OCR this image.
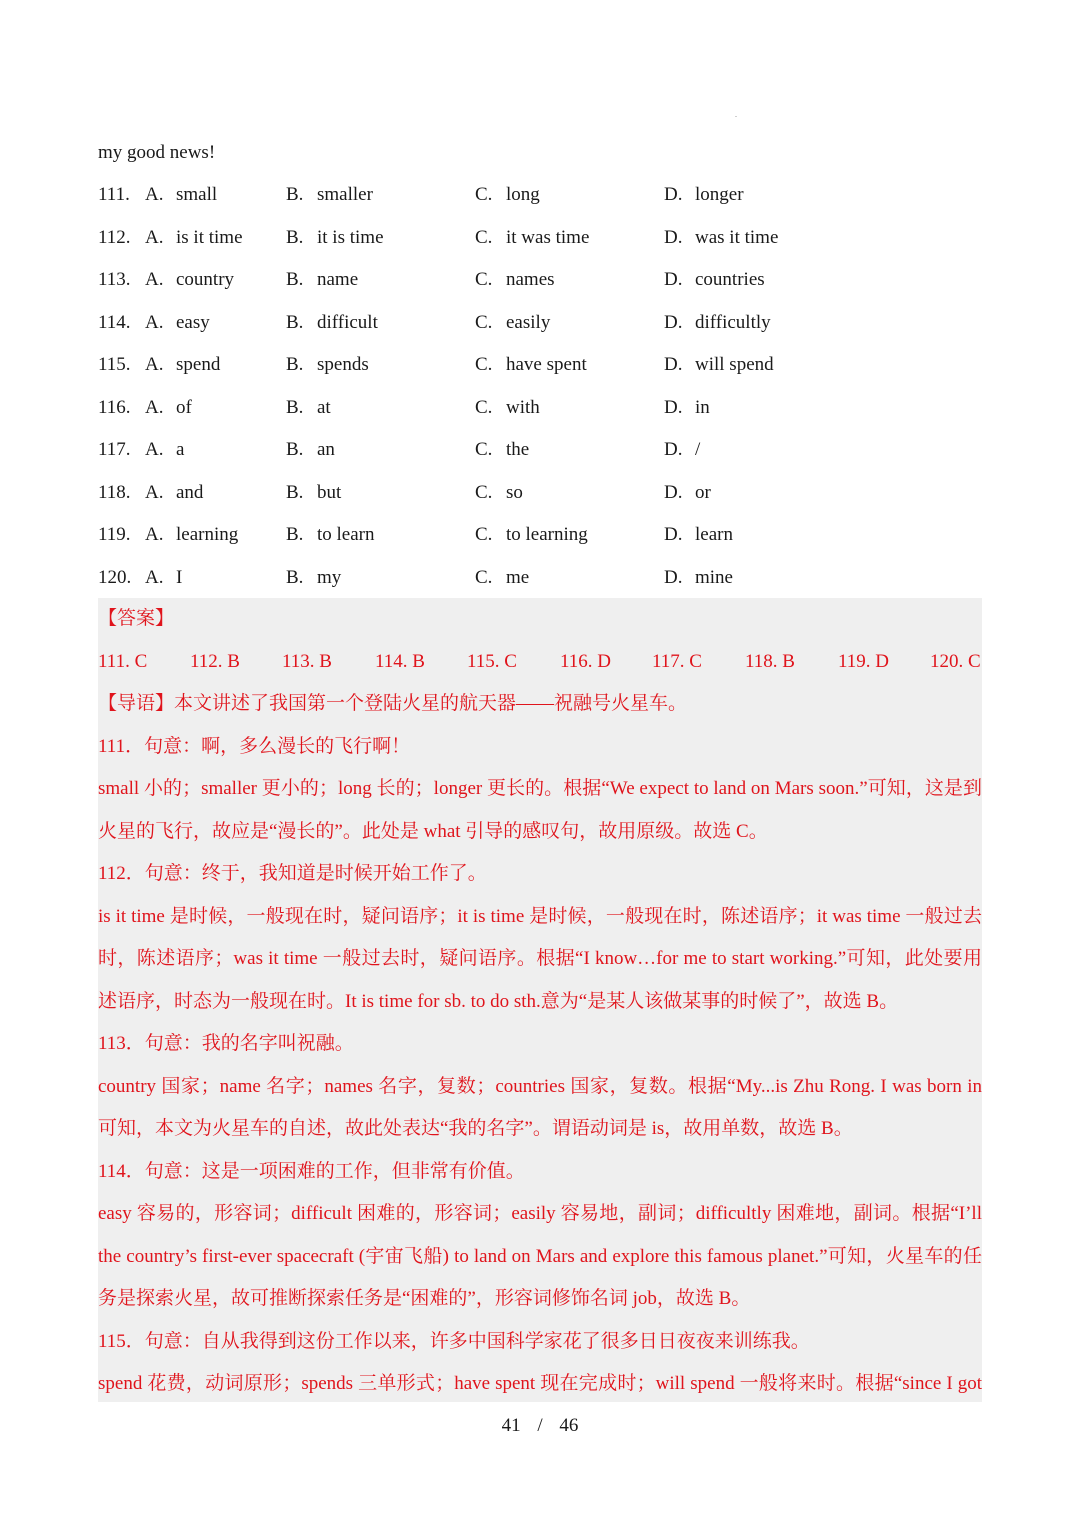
my good news!
111. A. small	B. smaller	C. long	D. longer
112. A. is it time B. it is time	C. it was time	D. was it time
113. A. country	B. name	C. names	D. countries
114. A. easy	B. difficult	C. easily	D. difficultly
115. A. spend	B. spends	C. have spent	D. will spend
116. A. of	B. at	C. with	D. in
117. A. a	B. an	C. the	D. /
118. A. and	B. but	C. so	D. or
119. A. learning	B. to learn	C. to learning	D. learn
120. A. I	B. my	C. me	D. mine
【答案】
111. C 112. B 113. B 114. B 115. C 116. D 117. C 118. B 119. D 120. C
【导语】本文讲述了我国第一个登陆火星的航天器——祝融号火星车。
111．句意：啊，多么漫长的飞行啊！
small 小的；smaller 更小的；long 长的；longer 更长的。根据“We expect to land on Mars soon.”可知，这是到
火星的飞行，故应是“漫长的”。此处是 what 引导的感叹句，故用原级。故选 C。
112．句意：终于，我知道是时候开始工作了。
is it time 是时候，一般现在时，疑问语序；it is time 是时候，一般现在时，陈述语序；it was time 一般过去
时，陈述语序；was it time 一般过去时，疑问语序。根据“I know…for me to start working.”可知，此处要用
述语序，时态为一般现在时。It is time for sb. to do sth.意为“是某人该做某事的时候了”，故选 B。
113．句意：我的名字叫祝融。
country 国家；name 名字；names 名字，复数；countries 国家，复数。根据“My...is Zhu Rong. I was born in
可知，本文为火星车的自述，故此处表达“我的名字”。谓语动词是 is，故用单数，故选 B。
114．句意：这是一项困难的工作，但非常有价值。
easy 容易的，形容词；difficult 困难的，形容词；easily 容易地，副词；difficultly 困难地，副词。根据“I’ll
the country’s first-ever spacecraft (宇宙飞船) to land on Mars and explore this famous planet.”可知，火星车的任
务是探索火星，故可推断探索任务是“困难的”，形容词修饰名词 job，故选 B。
115．句意：自从我得到这份工作以来，许多中国科学家花了很多日日夜夜来训练我。
spend 花费，动词原形；spends 三单形式；have spent 现在完成时；will spend 一般将来时。根据“since I got
41 / 46
